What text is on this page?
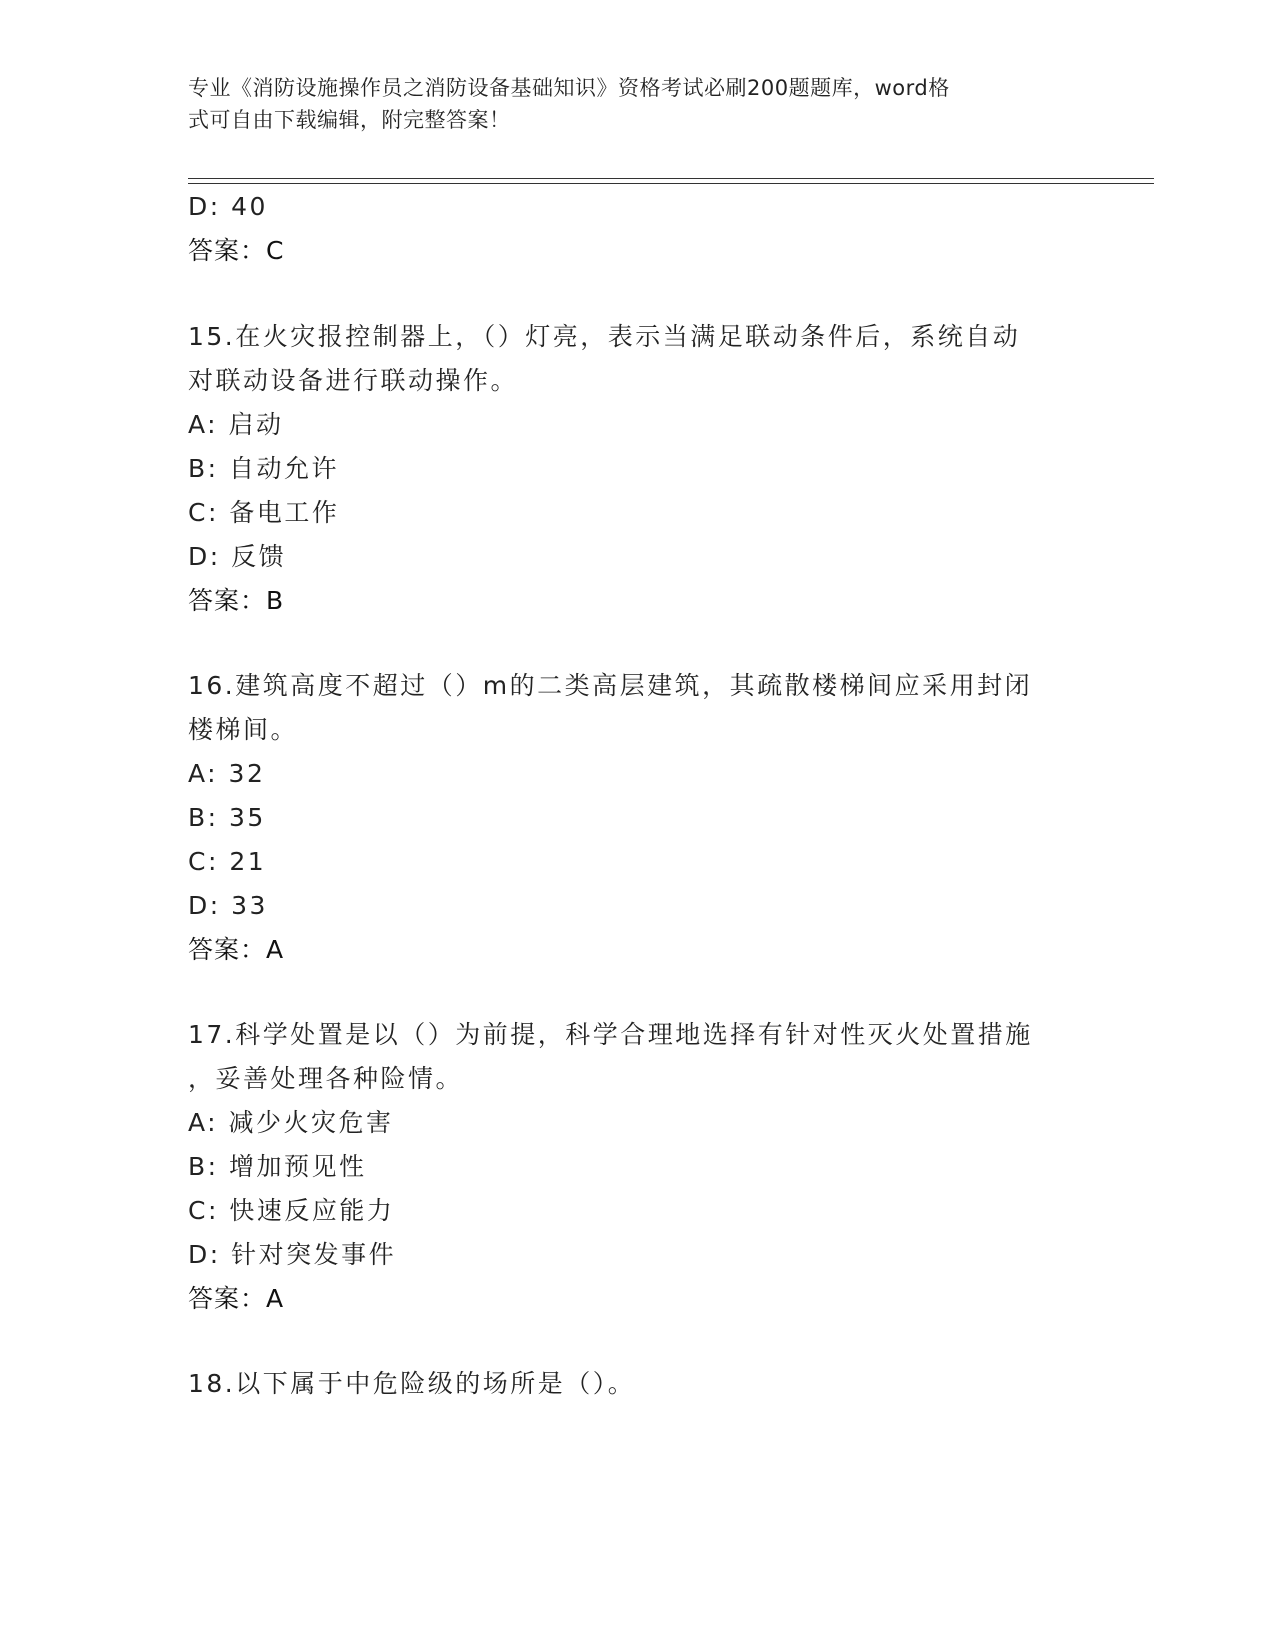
专业《消防设施操作员之消防设备基础知识》资格考试必刷200题题库，word格
式可自由下载编辑，附完整答案！
D: 40
答案：C
15.在火灾报控制器上，（）灯亮，表示当满足联动条件后，系统自动
对联动设备进行联动操作。
A: 启动
B: 自动允许
C: 备电工作
D: 反馈
答案：B
16.建筑高度不超过（）m的二类高层建筑，其疏散楼梯间应采用封闭
楼梯间。
A: 32
B: 35
C: 21
D: 33
答案：A
17.科学处置是以（）为前提，科学合理地选择有针对性灭火处置措施
，妥善处理各种险情。
A: 减少火灾危害
B: 增加预见性
C: 快速反应能力
D: 针对突发事件
答案：A
18.以下属于中危险级的场所是（）。
